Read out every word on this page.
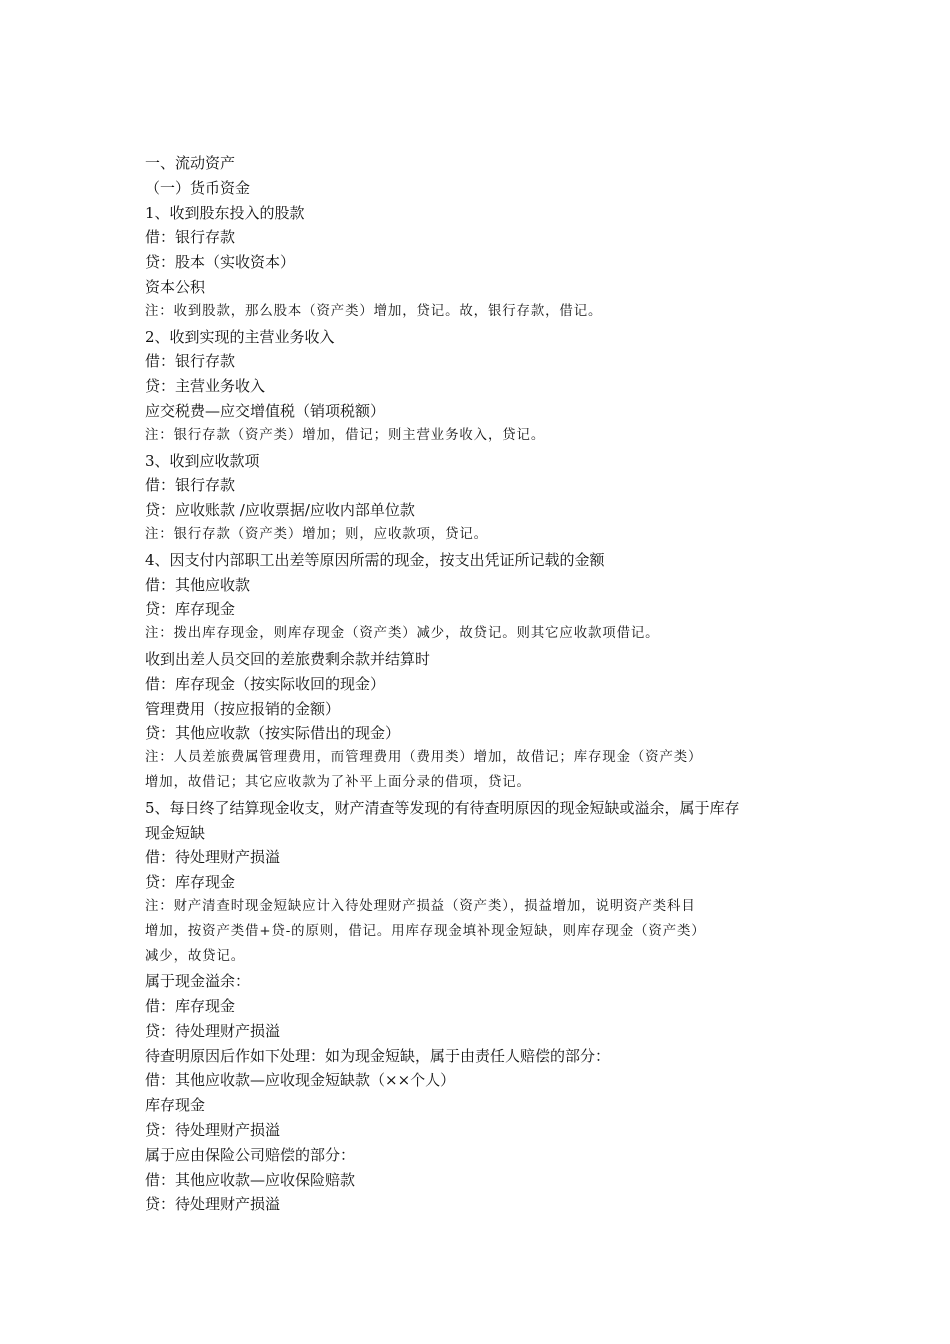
一、流动资产
（一）货币资金
1、收到股东投入的股款
借：银行存款
贷：股本（实收资本）
资本公积
注：收到股款，那么股本（资产类）增加，贷记。故，银行存款，借记。
2、收到实现的主营业务收入
借：银行存款
贷：主营业务收入
应交税费—应交增值税（销项税额）
注：银行存款（资产类）增加，借记；则主营业务收入，贷记。
3、收到应收款项
借：银行存款
贷：应收账款 /应收票据/应收内部单位款
注：银行存款（资产类）增加；则，应收款项，贷记。
4、因支付内部职工出差等原因所需的现金，按支出凭证所记载的金额
借：其他应收款
贷：库存现金
注：拨出库存现金，则库存现金（资产类）减少，故贷记。则其它应收款项借记。
收到出差人员交回的差旅费剩余款并结算时
借：库存现金（按实际收回的现金）
管理费用（按应报销的金额）
贷：其他应收款（按实际借出的现金）
注：人员差旅费属管理费用，而管理费用（费用类）增加，故借记；库存现金（资产类）
增加，故借记；其它应收款为了补平上面分录的借项，贷记。
5、每日终了结算现金收支，财产清查等发现的有待查明原因的现金短缺或溢余，属于库存
现金短缺
借：待处理财产损溢
贷：库存现金
注：财产清查时现金短缺应计入待处理财产损益（资产类），损益增加，说明资产类科目
增加，按资产类借+贷-的原则，借记。用库存现金填补现金短缺，则库存现金（资产类）
减少，故贷记。
属于现金溢余：
借：库存现金
贷：待处理财产损溢
待查明原因后作如下处理：如为现金短缺，属于由责任人赔偿的部分：
借：其他应收款—应收现金短缺款（××个人）
库存现金
贷：待处理财产损溢
属于应由保险公司赔偿的部分：
借：其他应收款—应收保险赔款
贷：待处理财产损溢
